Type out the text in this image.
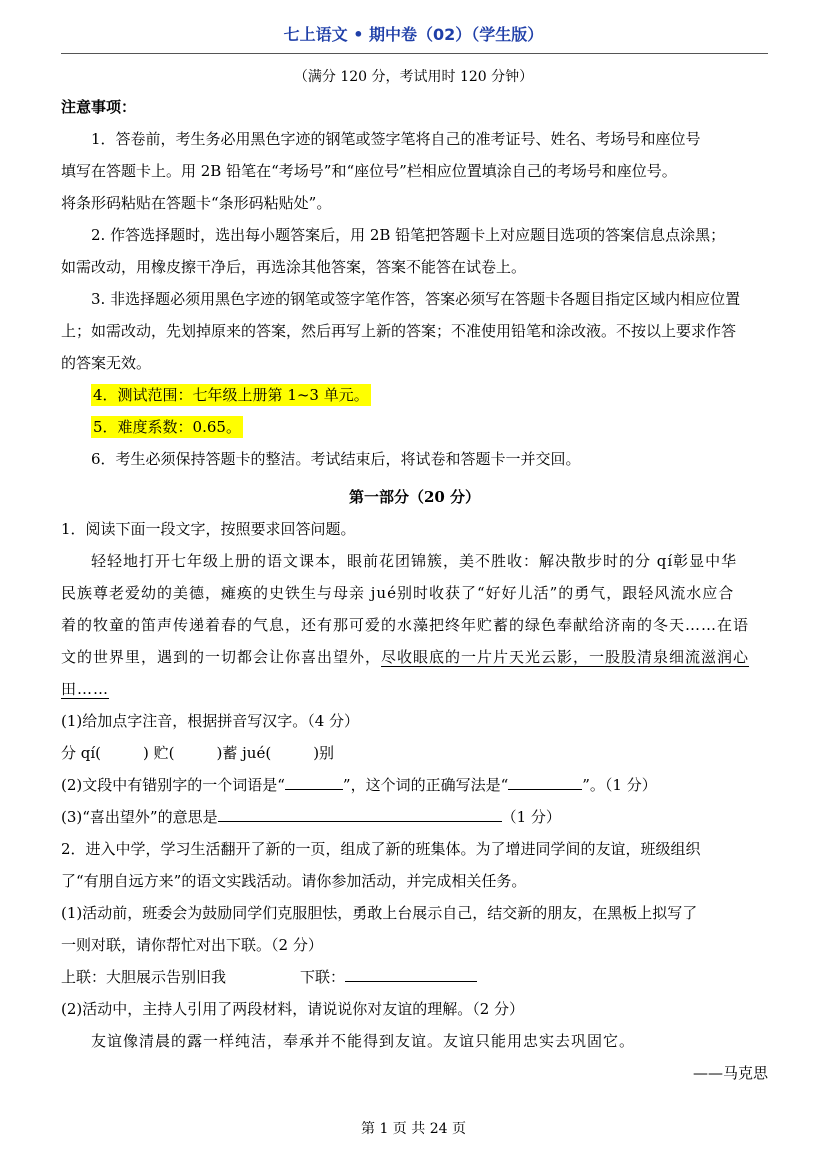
七上语文 • 期中卷（02）（学生版）
（满分 120 分，考试用时 120 分钟）

注意事项：

1．答卷前，考生务必用黑色字迹的钢笔或签字笔将自己的准考证号、姓名、考场号和座位号

填写在答题卡上。用 2B 铅笔在“考场号”和“座位号”栏相应位置填涂自己的考场号和座位号。

将条形码粘贴在答题卡“条形码粘贴处”。

2. 作答选择题时，选出每小题答案后，用 2B 铅笔把答题卡上对应题目选项的答案信息点涂黑；

如需改动，用橡皮擦干净后，再选涂其他答案，答案不能答在试卷上。

3. 非选择题必须用黑色字迹的钢笔或签字笔作答，答案必须写在答题卡各题目指定区域内相应位置

上；如需改动，先划掉原来的答案，然后再写上新的答案；不准使用铅笔和涂改液。不按以上要求作答

的答案无效。

4．测试范围：七年级上册第 1~3 单元。

5．难度系数：0.65。

6．考生必须保持答题卡的整洁。考试结束后，将试卷和答题卡一并交回。

第一部分（20 分）

1．阅读下面一段文字，按照要求回答问题。

轻轻地打开七年级上册的语文课本，眼前花团锦簇，美不胜收：解决散步时的分 qí彰显中华

民族尊老爱幼的美德，瘫痪的史铁生与母亲 jué别时收获了“好好儿活”的勇气，跟轻风流水应合

着的牧童的笛声传递着春的气息，还有那可爱的水藻把终年贮蓄的绿色奉献给济南的冬天……在语

文的世界里，遇到的一切都会让你喜出望外，尽收眼底的一片片天光云影，一股股清泉细流滋润心

田……

(1)给加点字注音，根据拼音写汉字。（4 分）

分 qí(	) 贮(	)蓄 jué(	)别

(2)文段中有错别字的一个词语是“	”，这个词的正确写法是“	”。（1 分）

(3)“喜出望外”的意思是	（1 分）

2．进入中学，学习生活翻开了新的一页，组成了新的班集体。为了增进同学间的友谊，班级组织

了“有朋自远方来”的语文实践活动。请你参加活动，并完成相关任务。

(1)活动前，班委会为鼓励同学们克服胆怯，勇敢上台展示自己，结交新的朋友，在黑板上拟写了

一则对联，请你帮忙对出下联。（2 分）

上联：大胆展示告别旧我	下联：

(2)活动中，主持人引用了两段材料，请说说你对友谊的理解。（2 分）

友谊像清晨的露一样纯洁，奉承并不能得到友谊。友谊只能用忠实去巩固它。

——马克思

第 1 页 共 24 页
